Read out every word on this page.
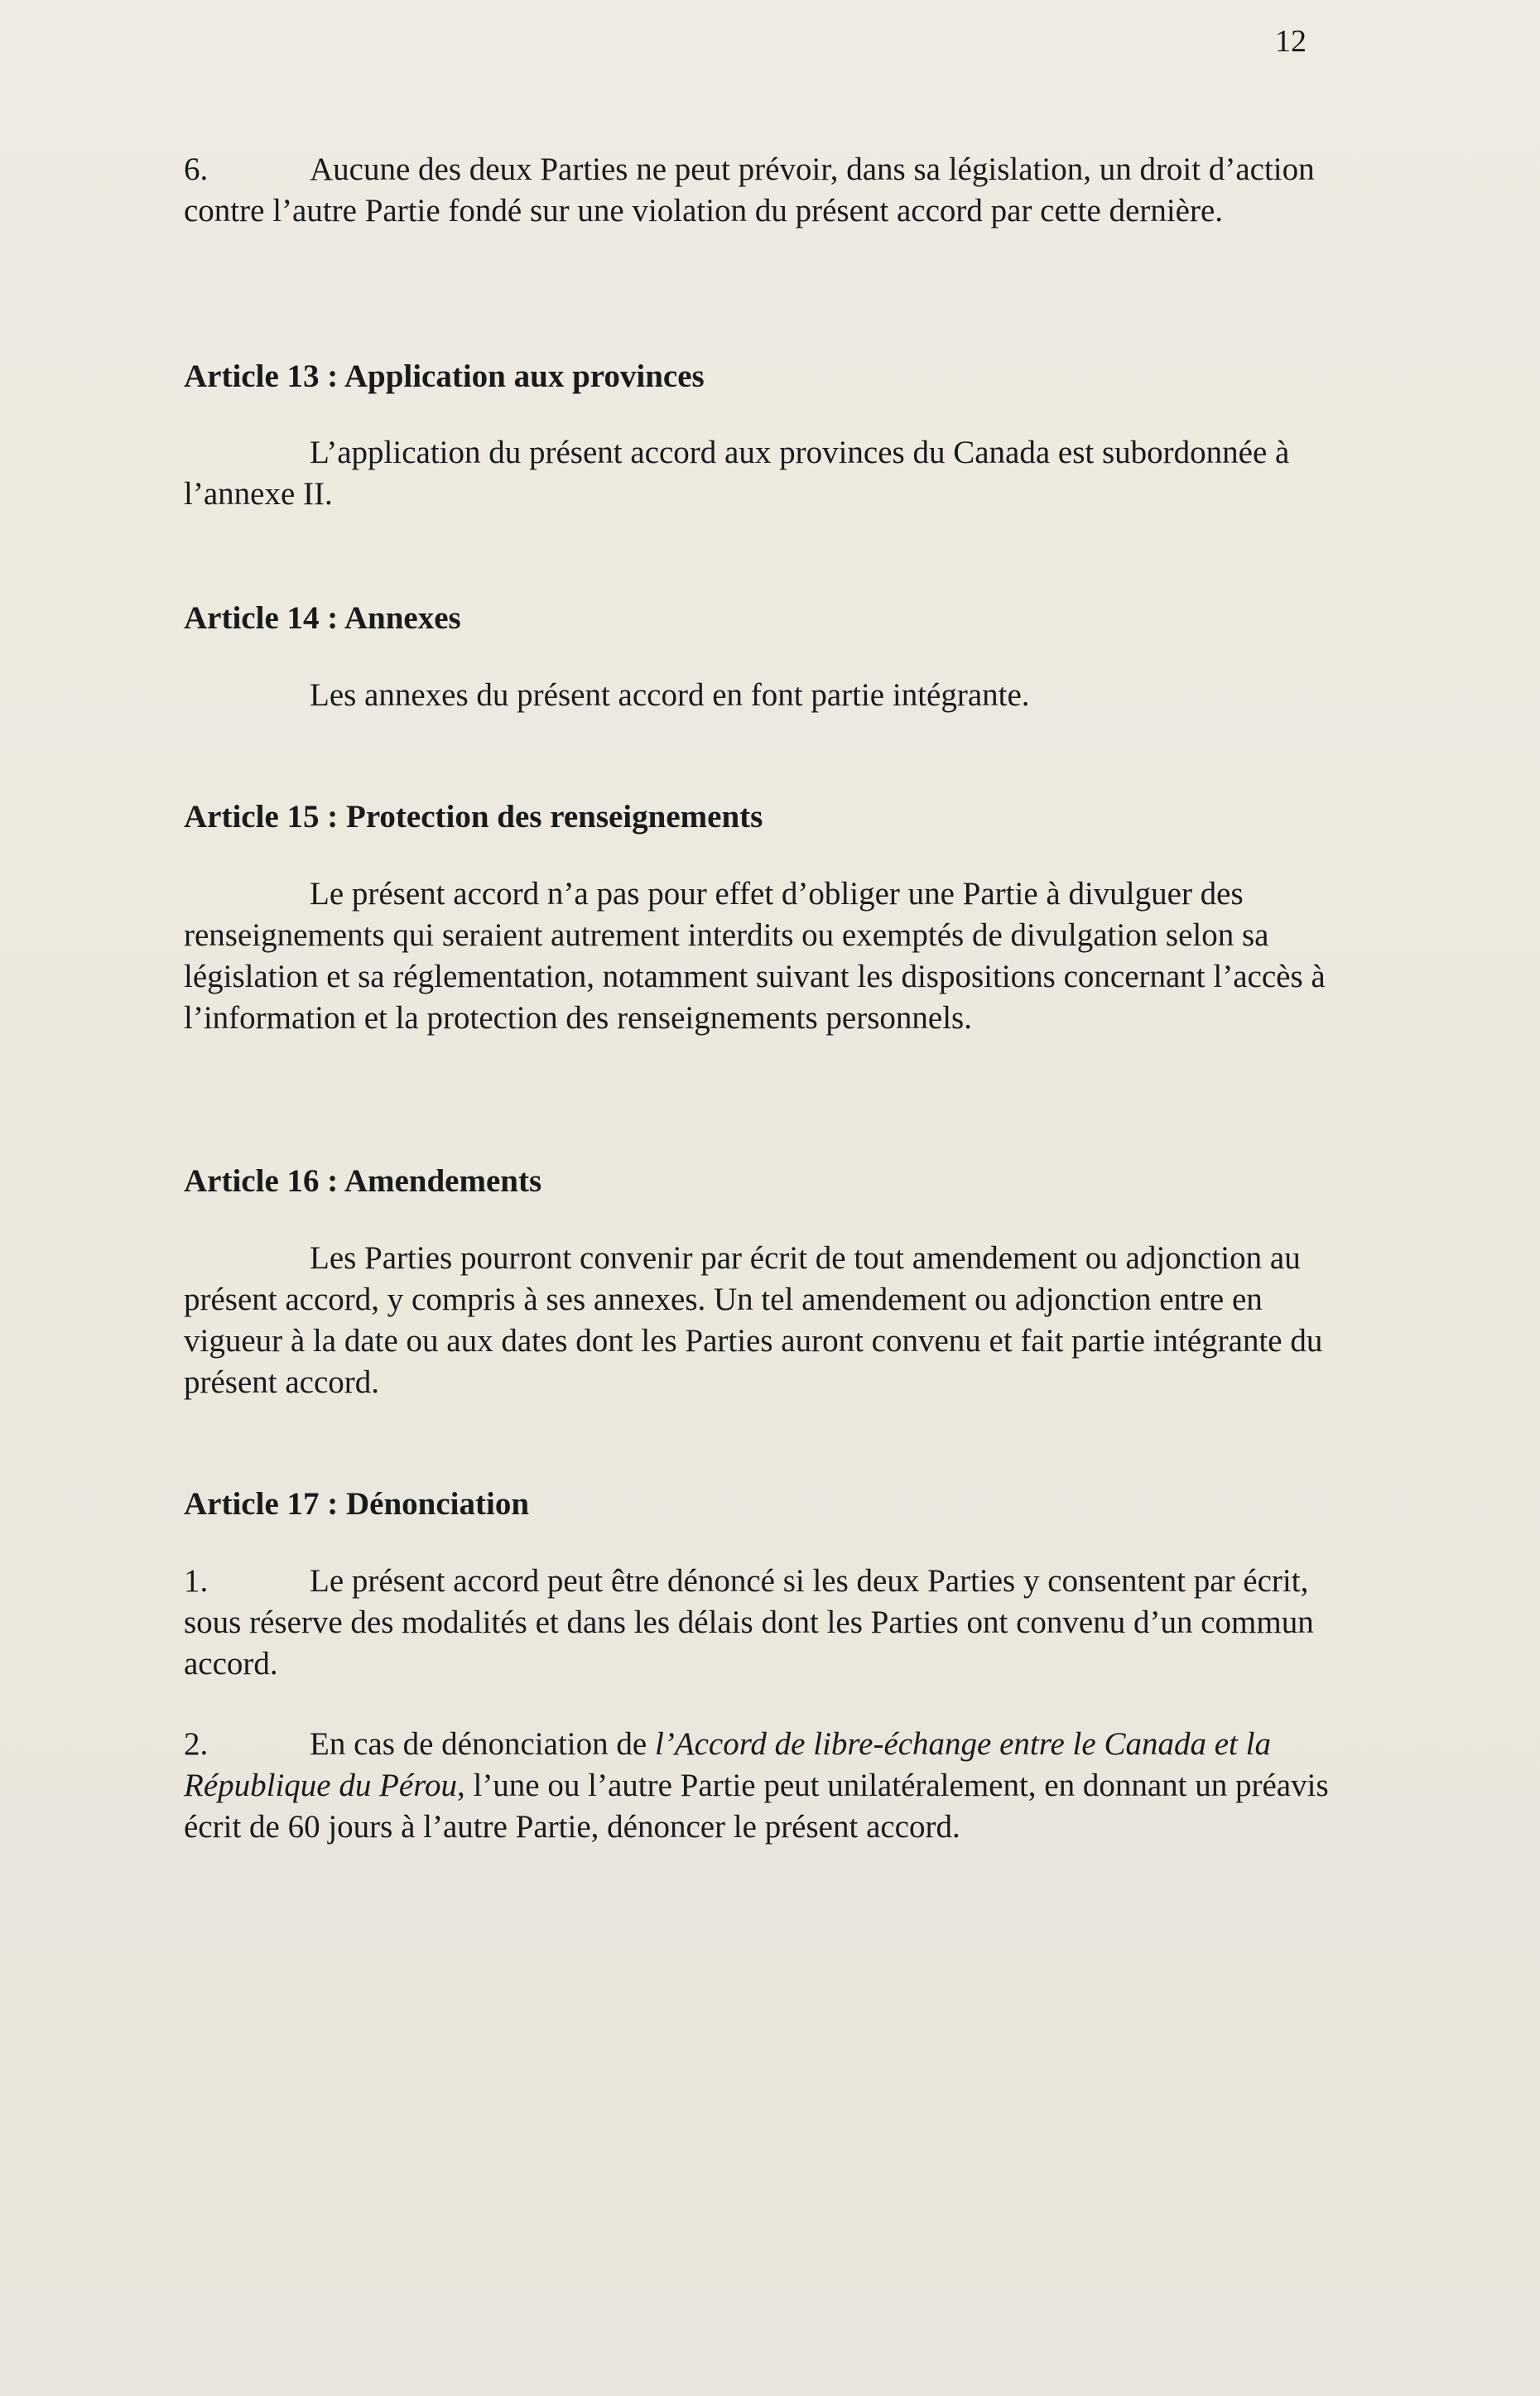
12

6.	Aucune des deux Parties ne peut prévoir, dans sa législation, un droit d’action contre l’autre Partie fondé sur une violation du présent accord par cette dernière.

Article 13 : Application aux provinces

L’application du présent accord aux provinces du Canada est subordonnée à l’annexe II.

Article 14 : Annexes

Les annexes du présent accord en font partie intégrante.

Article 15 : Protection des renseignements

Le présent accord n’a pas pour effet d’obliger une Partie à divulguer des renseignements qui seraient autrement interdits ou exemptés de divulgation selon sa législation et sa réglementation, notamment suivant les dispositions concernant l’accès à l’information et la protection des renseignements personnels.

Article 16 : Amendements

Les Parties pourront convenir par écrit de tout amendement ou adjonction au présent accord, y compris à ses annexes. Un tel amendement ou adjonction entre en vigueur à la date ou aux dates dont les Parties auront convenu et fait partie intégrante du présent accord.

Article 17 : Dénonciation

1.	Le présent accord peut être dénoncé si les deux Parties y consentent par écrit, sous réserve des modalités et dans les délais dont les Parties ont convenu d’un commun accord.

2.	En cas de dénonciation de l’Accord de libre-échange entre le Canada et la République du Pérou, l’une ou l’autre Partie peut unilatéralement, en donnant un préavis écrit de 60 jours à l’autre Partie, dénoncer le présent accord.
